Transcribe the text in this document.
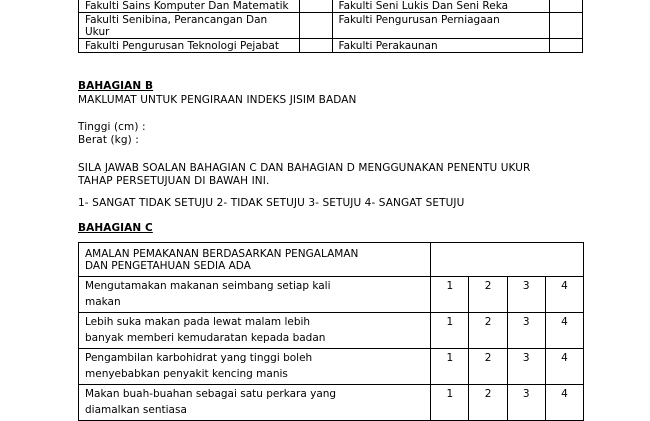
Fakulti Sains Komputer Dan Matematik		Fakulti Seni Lukis Dan Seni Reka	
Fakulti Senibina, Perancangan Dan Ukur		Fakulti Pengurusan Perniagaan	
Fakulti Pengurusan Teknologi Pejabat		Fakulti Perakaunan	
BAHAGIAN B
MAKLUMAT UNTUK PENGIRAAN INDEKS JISIM BADAN
Tinggi (cm) :
Berat (kg) :
SILA JAWAB SOALAN BAHAGIAN C DAN BAHAGIAN D MENGGUNAKAN PENENTU UKUR
TAHAP PERSETUJUAN DI BAWAH INI.
1- SANGAT TIDAK SETUJU 2- TIDAK SETUJU 3- SETUJU 4- SANGAT SETUJU
BAHAGIAN C
AMALAN PEMAKANAN BERDASARKAN PENGALAMAN
DAN PENGETAHUAN SEDIA ADA				

Mengutamakan makanan seimbang setiap kali
makan	1	2	3	4

Lebih suka makan pada lewat malam lebih
banyak memberi kemudaratan kepada badan	1	2	3	4

Pengambilan karbohidrat yang tinggi boleh
menyebabkan penyakit kencing manis	1	2	3	4

Makan buah-buahan sebagai satu perkara yang
diamalkan sentiasa	1	2	3	4
